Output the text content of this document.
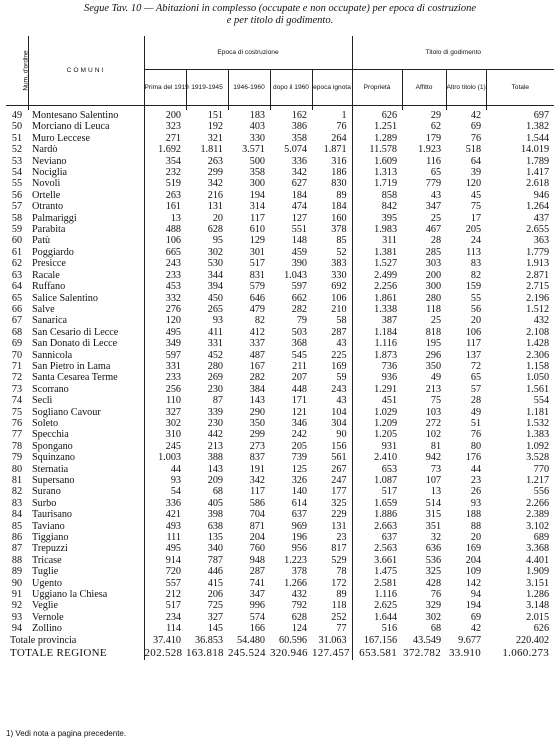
Segue Tav. 10 — Abitazioni in complesso (occupate e non occupate) per epoca di costruzione
e per titolo di godimento.
Num. d'ordine	COMUNI	Epoca di costruzione					Titolo di godimento			
		Prima del 1919	1919-1945	1946-1960	dopo il 1960	epoca ignota	Proprietà	Affitto	Altro titolo (1)	Totale

49	Montesano Salentino	200	151	183	162	1	626	29	42	697
50	Morciano di Leuca	323	192	403	386	76	1.251	62	69	1.382
51	Muro Leccese	271	321	330	358	264	1.289	179	76	1.544
52	Nardò	1.692	1.811	3.571	5.074	1.871	11.578	1.923	518	14.019
53	Neviano	354	263	500	336	316	1.609	116	64	1.789
54	Nociglia	232	299	358	342	186	1.313	65	39	1.417
55	Novoli	519	342	300	627	830	1.719	779	120	2.618
56	Ortelle	263	216	194	184	89	858	43	45	946
57	Otranto	161	131	314	474	184	842	347	75	1.264
58	Palmariggi	13	20	117	127	160	395	25	17	437
59	Parabita	488	628	610	551	378	1.983	467	205	2.655
60	Patù	106	95	129	148	85	311	28	24	363
61	Poggiardo	665	302	301	459	52	1.381	285	113	1.779
62	Presicce	243	530	517	390	383	1.527	303	83	1.913
63	Racale	233	344	831	1.043	330	2.499	200	82	2.871
64	Ruffano	453	394	579	597	692	2.256	300	159	2.715
65	Salice Salentino	332	450	646	662	106	1.861	280	55	2.196
66	Salve	276	265	479	282	210	1.338	118	56	1.512
67	Sanarica	120	93	82	79	58	387	25	20	432
68	San Cesario di Lecce	495	411	412	503	287	1.184	818	106	2.108
69	San Donato di Lecce	349	331	337	368	43	1.116	195	117	1.428
70	Sannicola	597	452	487	545	225	1.873	296	137	2.306
71	San Pietro in Lama	331	280	167	211	169	736	350	72	1.158
72	Santa Cesarea Terme	233	269	282	207	59	936	49	65	1.050
73	Scorrano	256	230	384	448	243	1.291	213	57	1.561
74	Seclì	110	87	143	171	43	451	75	28	554
75	Sogliano Cavour	327	339	290	121	104	1.029	103	49	1.181
76	Soleto	302	230	350	346	304	1.209	272	51	1.532
77	Specchia	310	442	299	242	90	1.205	102	76	1.383
78	Spongano	245	213	273	205	156	931	81	80	1.092
79	Squinzano	1.003	388	837	739	561	2.410	942	176	3.528
80	Sternatia	44	143	191	125	267	653	73	44	770
81	Supersano	93	209	342	326	247	1.087	107	23	1.217
82	Surano	54	68	117	140	177	517	13	26	556
83	Surbo	336	405	586	614	325	1.659	514	93	2.266
84	Taurisano	421	398	704	637	229	1.886	315	188	2.389
85	Taviano	493	638	871	969	131	2.663	351	88	3.102
86	Tiggiano	111	135	204	196	23	637	32	20	689
87	Trepuzzi	495	340	760	956	817	2.563	636	169	3.368
88	Tricase	914	787	948	1.223	529	3.661	536	204	4.401
89	Tuglie	720	446	287	378	78	1.475	325	109	1.909
90	Ugento	557	415	741	1.266	172	2.581	428	142	3.151
91	Uggiano la Chiesa	212	206	347	432	89	1.116	76	94	1.286
92	Veglie	517	725	996	792	118	2.625	329	194	3.148
93	Vernole	234	327	574	628	252	1.644	302	69	2.015
94	Zollino	114	145	166	124	77	516	68	42	626
Totale provincia		37.410	36.853	54.480	60.596	31.063	167.156	43.549	9.677	220.402
TOTALE REGIONE		202.528	163.818	245.524	320.946	127.457	653.581	372.782	33.910	1.060.273
1) Vedi nota a pagina precedente.
